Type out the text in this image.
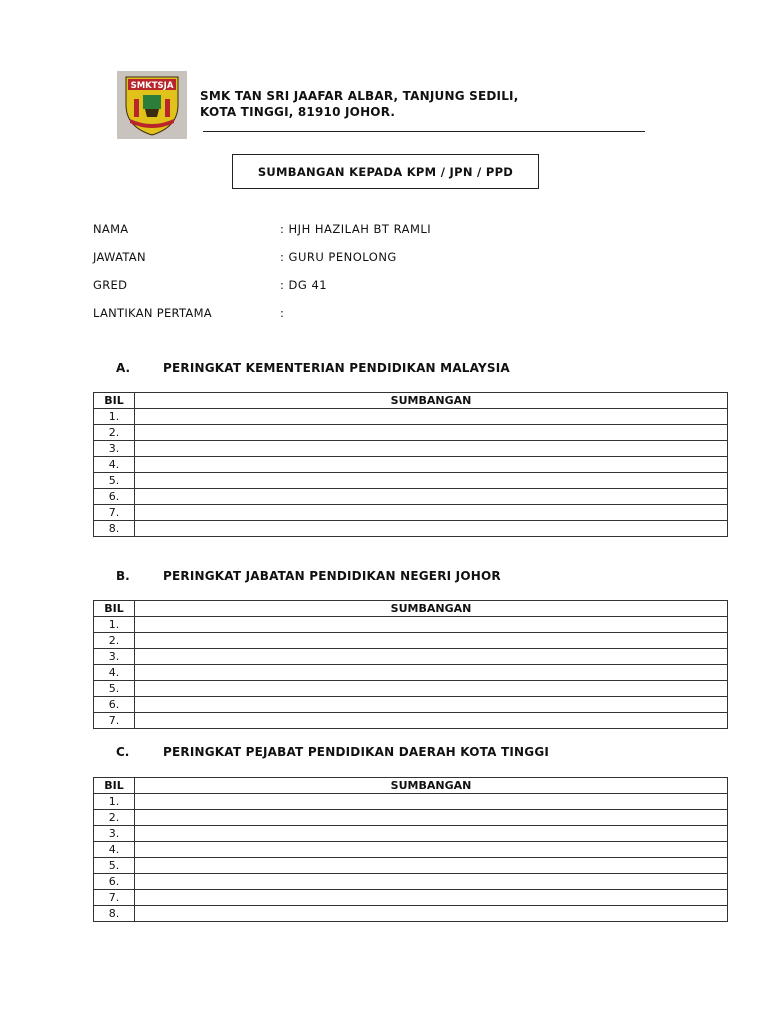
SMKTSJA
SMK TAN SRI JAAFAR ALBAR, TANJUNG SEDILI,
KOTA TINGGI, 81910 JOHOR.
SUMBANGAN KEPADA KPM / JPN / PPD
NAMA	: HJH HAZILAH BT RAMLI
JAWATAN	: GURU PENOLONG
GRED	: DG 41
LANTIKAN PERTAMA	:
A.	PERINGKAT KEMENTERIAN PENDIDIKAN MALAYSIA
BIL	SUMBANGAN
1.	
2.	
3.	
4.	
5.	
6.	
7.	
8.	
B.	PERINGKAT JABATAN PENDIDIKAN NEGERI JOHOR
BIL	SUMBANGAN
1.	
2.	
3.	
4.	
5.	
6.	
7.	
C.	PERINGKAT PEJABAT PENDIDIKAN DAERAH KOTA TINGGI
BIL	SUMBANGAN
1.	
2.	
3.	
4.	
5.	
6.	
7.	
8.	
